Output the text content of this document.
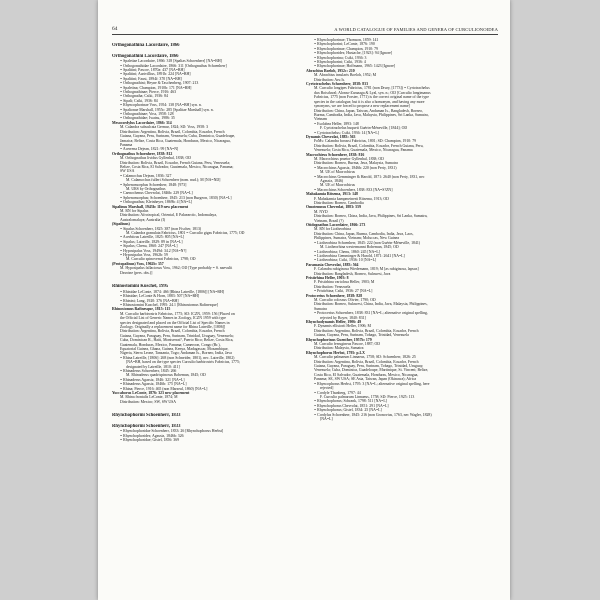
64	A WORLD CATALOGUE OF FAMILIES AND GENERA OF CURCULIONOIDEA

Orthogonathina Lacordaire, 1866

Orthogonathini Lacordaire, 1866

= Spaletiae Lacordaire, 1866: 318 [Spalias Schoenherr] [NA=BH]

= Orthogonathidae Lacordaire, 1866: 311 [Orthognathus Schoenherr]

= Spalitini; Pascoe, 1870a: 437 [NA=BH]

= Spalitini; Aurivillius, 1891b: 224 [NA=BH]

= Spalitini; Faust, 1894f: 370 [NA=BH]

= Orthognathini; Heyne & Taschenberg, 1907: 213

= Spaletina; Champion, 1910b: 171 [NA=BH]

= Orthognathinae; Pierce, 1916: 463

= Orthognatha; Csiki, 1936: 84

= Sipali; Csiki, 1936: 84

= Rhyncophorinae Voss, 1954: 138 [NA=BH] syn. n.

= Spalionae Marshall, 1955c: 285 [Spalitae Marshall] syn. n.

= Orthognathinae; Voss, 1958: 128

= Orthognathidae; Iwatsu, 1986: 35

Mesocordylus Lacordaire, 1866: 314

M. Calandra subsulcata Germar, 1824; SD: Voss, 1958: 3

Distribution: Argentina, Bolivia, Brazil, Colombia, Ecuador, French

Guiana, Guyana, Peru, Surinam, Venezuela; Cuba, Dominica, Guadeloupe,

Jamaica; Belize, Costa Rica, Guatemala, Honduras, Mexico, Nicaragua,

Panama

= Acerrena Dejean, 1821: 99 [NA=N]

Orthognathus Schoenherr, 1838: 812

M. Orthognathus lividus Gyllenhal, 1838; OD

Distribution: Bolivia, Brazil, Ecuador, French Guiana, Peru, Venezuela;

Belize, Costa Rica, El Salvador, Guatemala, Mexico, Nicaragua, Panama;

SW USA

= Calamochus Dejean, 1836: 327

M. Calamochus fulleri Schoenherr (nom. nud.); M [NA=ND]

= Sphenomorphus Schoenherr, 1848: [973]

M. URS by Orthognathus

= Caenochenus Chevrolat, 1846b: 229 [NA=L]

= Sphenomorphus; Schoenherr, 1845: 213 (non Burgeon, 1830) [NA=L]

= Orthognathus; Kleinheyer, 1869b: 4 [NA=L]

Sipalinus Marshall, 1943b: 119 new placement

M. RN for Sipalus

Distribution: Afrotropical, Oriental, E Palaearctic, Indomalaya,

Australomalaya; Australia (I)

(Sipalinus)

= Sipalus Schoenherr, 1825: 387 (non Fischer, 1813)

M. Calandra granulata Fabricius, 1801 = Curculio gigas Fabricius, 1775; OD

= Acerbitrus Latreille, 1825: 805 [NA=L]

= Sipalus; Latreille, 1829: 89 in [NA=L]

= Sipalus; Chenu, 1860: 247 [NA=L]

= Hyposipalus Voss, 1949d: 34.2 [NA=N?]

= Hyposipalus Voss, 1962b: 59

M. Curculio spinoverrai Fabricius, 1798; OD

(Protopalinus) Voss, 1962b: 357

M. Hyposipalus fallaciosus Voss, 1962; OD [Type probably = S. naevulii

Davoine (pers. obs.)]

Rhinostomini Kuschel, 1995

= Rhinidae LeConte, 1874: 466 [Rhina Latreille, [1806]] [NA=BH]

= Rhinidae; LeConte & Horn, 1883: 507 [NA=BH]

= Rhinini; Lang, 1920: 376 [NA=BH]

= Rhinostomini Kuschel, 1995: 24.1 [Rhinostomus Rafinesque]

Rhinostomus Rafinesque, 1815: 115

M. Curculio barbirostris Fabricius, 1775; SD: ICZN, 1959: 156 [Placed on

the Official List of Generic Names in Zoology, ICZN 1959 with type

species designated and placed on the Official List of Specific Names in

Zoology. Originally a replacement name for Rhina Latreille, [1806]]

Distribution: Argentina, Bolivia, Brazil, Colombia, Ecuador, French

Guiana, Guyana, Paraguay, Peru, Surinam, Trinidad, Uruguay, Venezuela;

Cuba, Dominican R., Haiti, Montserrat?, Puerto Rico; Belize, Costa Rica,

Guatemala, Honduras, Mexico, Panama; Cameroon, Congo (Br.),

Equatorial Guinea, Ghana, Guinea, Kenya, Madagascar, Mozambique,

Nigeria, Sierra Leone, Tanzania, Togo; Andaman Is., Borneo, India, Java

= Rhina Latreille, [1806]: 268 (non Schneider, 1801), nec. Latreille, 1802)

[NA=BH, based on the type species Curculio barbirostris Fabricius, 1775;

designated by Latreille, 1810: 411]

= Rhinaderus Schoenherr, 1845: 266

M. Rhinaderus quadrispinosus Boheman, 1845; OD

= Rhinaderus Agassiz, 1846: 321 [NA=L]

= Rhinaderus Agassiz, 1846b: 175 [NA=L]

= Rhina; Pierce, 1916: 465 (non Marseul, 1860) [NA=L]

Yuccaborus LeConte, 1876: 323 new placement

M. Rhina frontalis LeConte, 1874; M

Distribution: Mexico; SW, SW USA

Rhynchophorini Schoenherr, 1833

Rhynchophorini Schoenherr, 1833

= Rhynchophoridae Schoenherr, 1833: 26 [Rhynchophorus Herbst]

= Rhynchophorides; Agassiz, 1846b: 326

= Rhynchophoridae; Gistel, 1856: 369

= Rhynchophorinae; Thomson, 1859: 141

= Rhynchophorini; LeConte, 1876: 190

= Rhynchophorinae; Champion, 1910: 79

= Rhynchophorides; Hustache, [1923]: 94 [Ignore]

= Rhynchophorina; Csiki, 1936: 3

= Rhynchophorini; Csiki, 1936: 4

= Rhynchophorinae; Hoffmann, 1965: 1423 [Ignore]

Abrachius Boeloh, 1952c: 210

M. Abrachius insularis Boeloh, 1952; M

Distribution: Aru Is.

Cyrtotrachelus Schoenherr, 1838: 833

M. Curculio longipes Fabricius, 1781 (non Drury, [1773]) = Cyrtotrachelus

dux Boisduval; Alonso-Zarazaga & Lyal, syn. n.; OD [Curculio longimanus

Fabricius, 1775 (non Forster, 1771) is the correct original name of the type

species in the catalogue, but it is also a homonym, and having any more

synonyms, we are forced to propose a new replacement name]

Distribution: China, Japan, Taiwan, Andaman Is., Bangladesh, Borneo,

Burma, Cambodia, India, Java, Malaysia, Philippines, Sri Lanka, Sumatra,

Vietnam

= Esolabea Heller, 1893: 148

F. Cyrtotrachelus buqueti Guérin-Méneville, [1844]; OD

= Cyrtotrachelus; Csiki, 1936: 14 [NA=L]

Dynamis Chevrolat, 1883: 563

FoMs: Calandra borassi Fabricius, 1801; SD: Champion, 1910: 79

Distribution: Bolivia, Brazil, Colombia, Ecuador, French Guiana, Peru,

Venezuela; Costa Rica, Guatemala, Mexico, Nicaragua, Panama

Macrochirus Schoenherr, 1838: 816

M. Macrochirus praetor Gyllenhal, 1838; OD

Distribution: Borneo, Burma, Java, Malaysia, Sumatra

= Macrochirus Agassiz, 1846b: 220 (non Perty, 1831)

M. UE of Macrochirus

= Macrochirus Gemminger & Harold, 1871: 2640 (non Perty, 1831, nec

Agassiz, 1846)

M. UE of Macrochirus

= Macrochirus Schoenherr, 1838: 833 [NA=S?ZN]

Mahakamia Ritsema, 1913: 148

F. Mahakamia kampmeinerti Ritsema, 1913; OD

Distribution: Borneo, Cambodia

Omotemnus Chevrolat, 1883: 559

M. NYD

Distribution: Borneo, China, India, Java, Philippines, Sri Lanka, Sumatra,

Vietnam, Brazil (?)

Otidognathus Lacordaire, 1866: 273

M. RN for Liotheorhina

Distribution: China, Japan, Burma, Cambodia, India, Java, Laos,

Philippines, Sumatra, Vietnam; Moluccas, New Guinea

= Liotheorhina Schoenherr, 1845: 222 (non Guérin-Méneville, 1841)

M. Liotheorhina westermanni Boheman, 1845; OD

= Liotheorhina; Chenu, 1860: 245 [NA=L]

= Liotheorhina Gemminger & Harold, 1871: 2641 [NA=L]

= Liotheorhina; Csiki, 1936: 10 [NA=L]

Paramasia Chevrolat, 1883: 564

F. Calandra rubiginosa Wiedemann, 1819; M [as rubiginosa, lapsus]

Distribution: Bangladesh, Borneo, Sulawesi, Java

Pristirhina Heller, 1903: 8

F. Pristirhina variolosa Heller, 1903; M

Distribution: Venezuela

= Pristirhina; Csiki, 1936: 27 [NA=L]

Protocerius Schoenherr, 1838: 828

M. Curculio colossus Olivier, 1790; OD

Distribution: Borneo, Sulawesi, China, India, Java, Malaysia, Philippines,

Sumatra

= Protocerius Schoenherr, 1838: 831 [NA=L; alternative original spelling,

rejected by Boyer, 1840: 831]

Rhynchodynamis Heller, 1906: 49

F. Dynamis ellisiorii Heller, 1906; M

Distribution: Argentina, Bolivia, Brazil, Colombia, Ecuador, French

Guiana, Guyana, Peru, Surinam, Tobago, Trinidad, Venezuela

Rhynchophorinus Guenther, 1957b: 179

M. Curculio ferrugineus Pascoe, 1887; OD

Distribution: Malaysia, Sumatra

Rhynchophorus Herbst, 1795: p.LX

M. Curculio palmarum Linnaeus, 1758; SD: Schoenherr, 1826: 25

Distribution: Argentina, Bolivia, Brazil, Colombia, Ecuador, French

Guiana, Guyana, Paraguay, Peru, Surinam, Tobago, Trinidad, Uruguay,

Venezuela; Cuba, Dominica, Guadeloupe, Martinique, St. Vincent; Belize,

Costa Rica, El Salvador, Guatemala, Honduras, Mexico, Nicaragua,

Panama; SE, SW USA; SE Asia, Taiwan, Japan (Okinawa); Africa

= Rhyncophorus Herbst, 1795: 3 [NA=L; alternative original spelling, here

rejected]

= Cordyle Thunberg, 1797: 44

F. Curculio palmarum Linnaeus, 1758; SD: Pierce, 1925: 113

= Rhynchophorus; Schrank, 1798: 511 [NA=L]

= Rhynchophorus Chevrolat, 1851: 291 [NA=L]

= Rhynchophorus; Gistel, 1834: 25 [NA=L]

= Cordylus Schoenherr, 1845: 216 (non Gronovius, 1763, nec Wagler, 1828)

[NA=L]
